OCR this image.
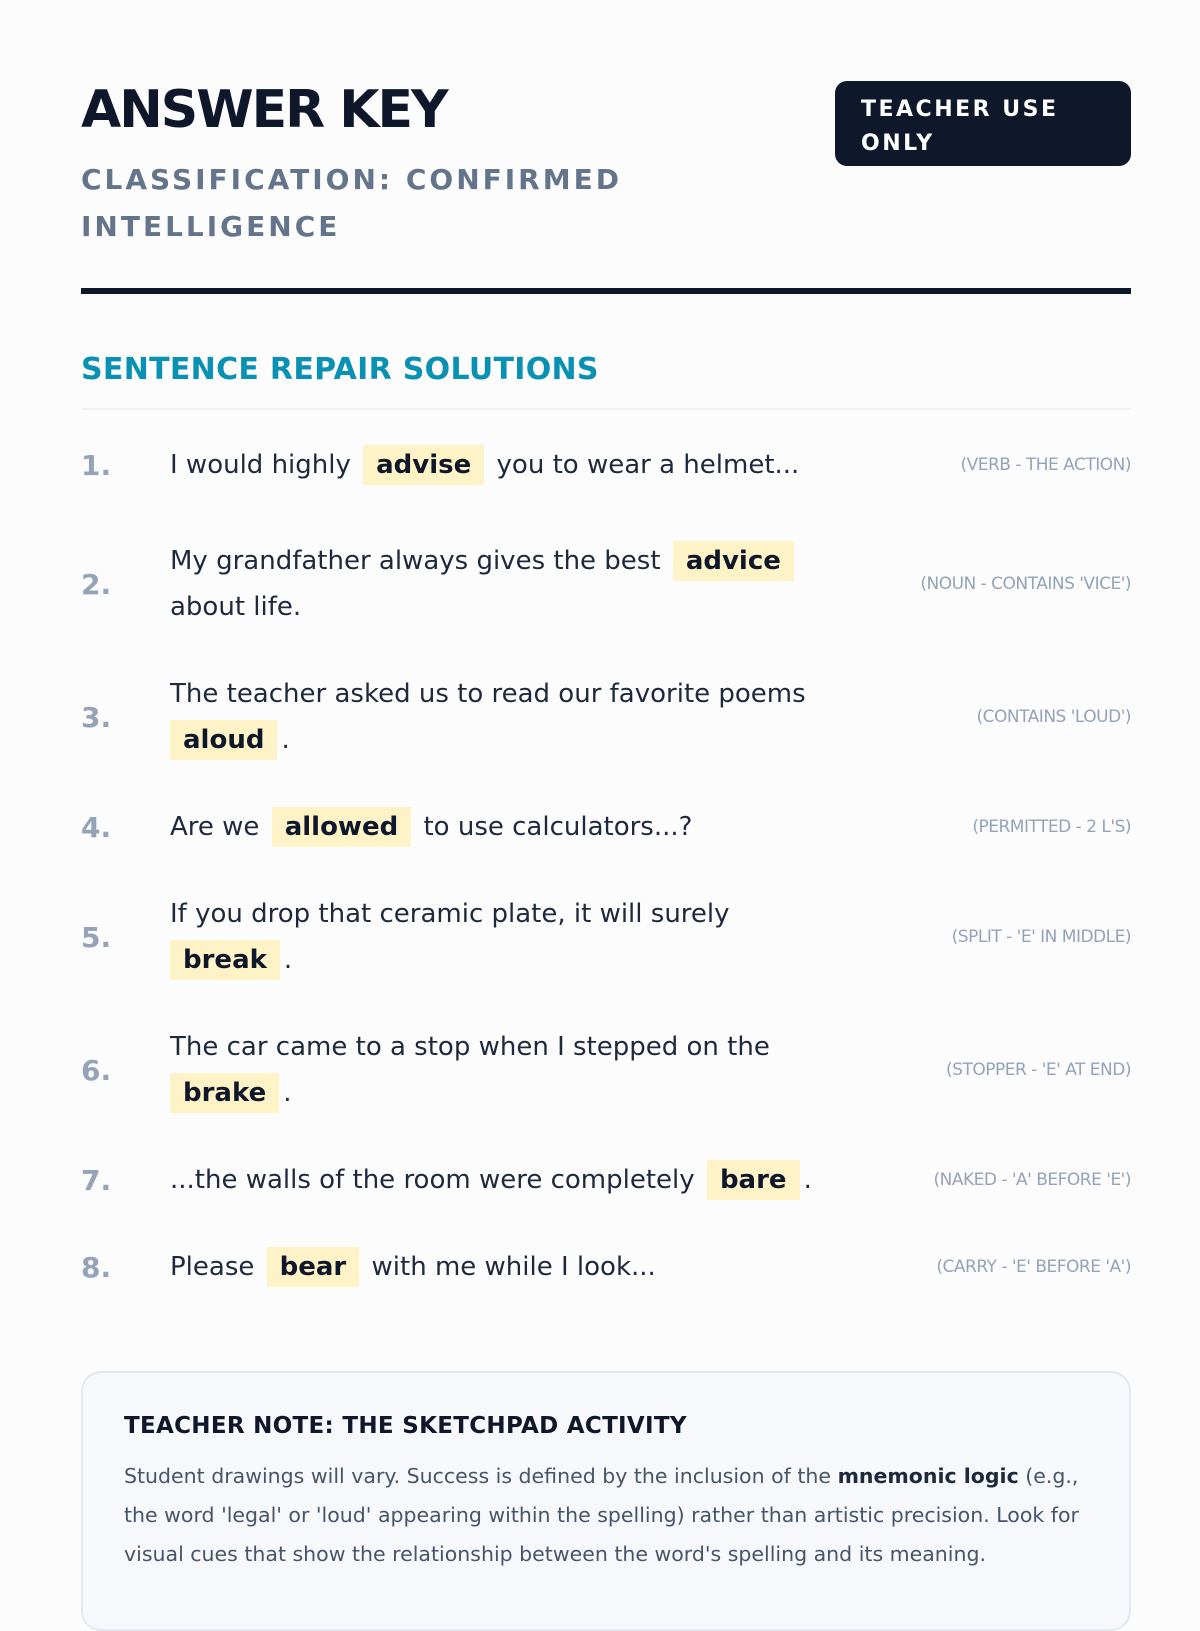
ANSWER KEY

CLASSIFICATION: CONFIRMED INTELLIGENCE

TEACHER USE ONLY
SENTENCE REPAIR SOLUTIONS
1.	I would highly advise you to wear a helmet...	(VERB - THE ACTION)
2.
My grandfather always gives the best advice about life.
(NOUN - CONTAINS 'VICE')
3.
The teacher asked us to read our favorite poems aloud .
(CONTAINS 'LOUD')
4.	Are we allowed to use calculators...?	(PERMITTED - 2 L'S)
5.
If you drop that ceramic plate, it will surely break .
(SPLIT - 'E' IN MIDDLE)
6.
The car came to a stop when I stepped on the brake .
(STOPPER - 'E' AT END)
7.	...the walls of the room were completely bare .	(NAKED - 'A' BEFORE 'E')
8.	Please bear with me while I look...	(CARRY - 'E' BEFORE 'A')
TEACHER NOTE: THE SKETCHPAD ACTIVITY

Student drawings will vary. Success is defined by the inclusion of the mnemonic logic (e.g., the word 'legal' or 'loud' appearing within the spelling) rather than artistic precision. Look for visual cues that show the relationship between the word's spelling and its meaning.
